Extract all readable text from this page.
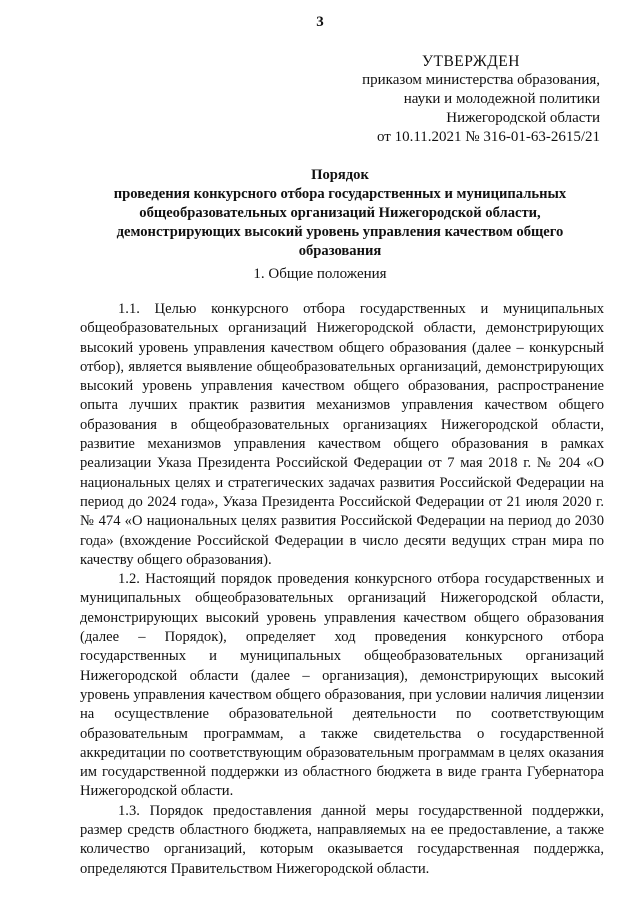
3
УТВЕРЖДЕН
приказом министерства образования,
науки и молодежной политики
Нижегородской области
от 10.11.2021 № 316-01-63-2615/21
Порядок
проведения конкурсного отбора государственных и муниципальных
общеобразовательных организаций Нижегородской области,
демонстрирующих высокий уровень управления качеством общего
образования
1. Общие положения

1.1. Целью конкурсного отбора государственных и муниципальных общеобразовательных организаций Нижегородской области, демонстрирующих высокий уровень управления качеством общего образования (далее – конкурсный отбор), является выявление общеобразовательных организаций, демонстрирующих высокий уровень управления качеством общего образования, распространение опыта лучших практик развития механизмов управления качеством общего образования в общеобразовательных организациях Нижегородской области, развитие механизмов управления качеством общего образования в рамках реализации Указа Президента Российской Федерации от 7 мая 2018 г. № 204 «О национальных целях и стратегических задачах развития Российской Федерации на период до 2024 года», Указа Президента Российской Федерации от 21 июля 2020 г. № 474 «О национальных целях развития Российской Федерации на период до 2030 года» (вхождение Российской Федерации в число десяти ведущих стран мира по качеству общего образования).

1.2. Настоящий порядок проведения конкурсного отбора государственных и муниципальных общеобразовательных организаций Нижегородской области, демонстрирующих высокий уровень управления качеством общего образования (далее – Порядок), определяет ход проведения конкурсного отбора государственных и муниципальных общеобразовательных организаций Нижегородской области (далее – организация), демонстрирующих высокий уровень управления качеством общего образования, при условии наличия лицензии на осуществление образовательной деятельности по соответствующим образовательным программам, а также свидетельства о государственной аккредитации по соответствующим образовательным программам в целях оказания им государственной поддержки из областного бюджета в виде гранта Губернатора Нижегородской области.

1.3. Порядок предоставления данной меры государственной поддержки, размер средств областного бюджета, направляемых на ее предоставление, а также количество организаций, которым оказывается государственная поддержка, определяются Правительством Нижегородской области.
